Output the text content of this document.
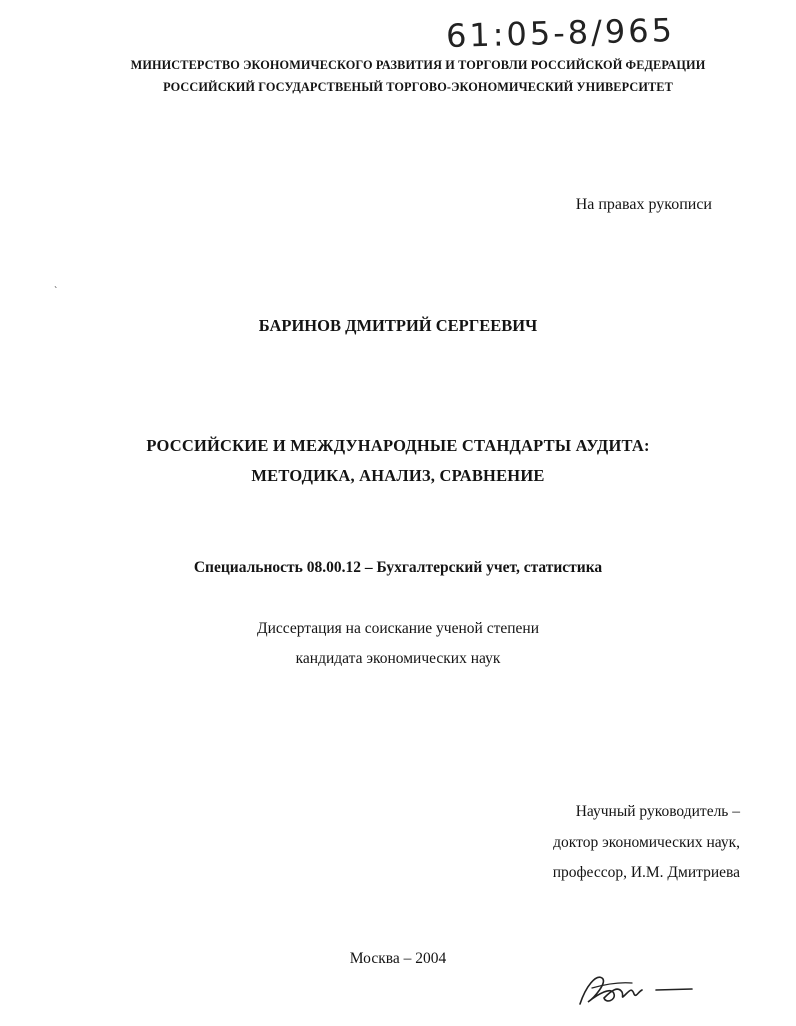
61:05-8/965
МИНИСТЕРСТВО ЭКОНОМИЧЕСКОГО РАЗВИТИЯ И ТОРГОВЛИ РОССИЙСКОЙ ФЕДЕРАЦИИ
РОССИЙСКИЙ ГОСУДАРСТВЕНЫЙ ТОРГОВО-ЭКОНОМИЧЕСКИЙ УНИВЕРСИТЕТ
На правах рукописи
`
БАРИНОВ ДМИТРИЙ СЕРГЕЕВИЧ
РОССИЙСКИЕ И МЕЖДУНАРОДНЫЕ СТАНДАРТЫ АУДИТА:
МЕТОДИКА, АНАЛИЗ, СРАВНЕНИЕ
Специальность 08.00.12 – Бухгалтерский учет, статистика
Диссертация на соискание ученой степени
кандидата экономических наук
Научный руководитель –
доктор экономических наук,
профессор, И.М. Дмитриева
Москва – 2004
